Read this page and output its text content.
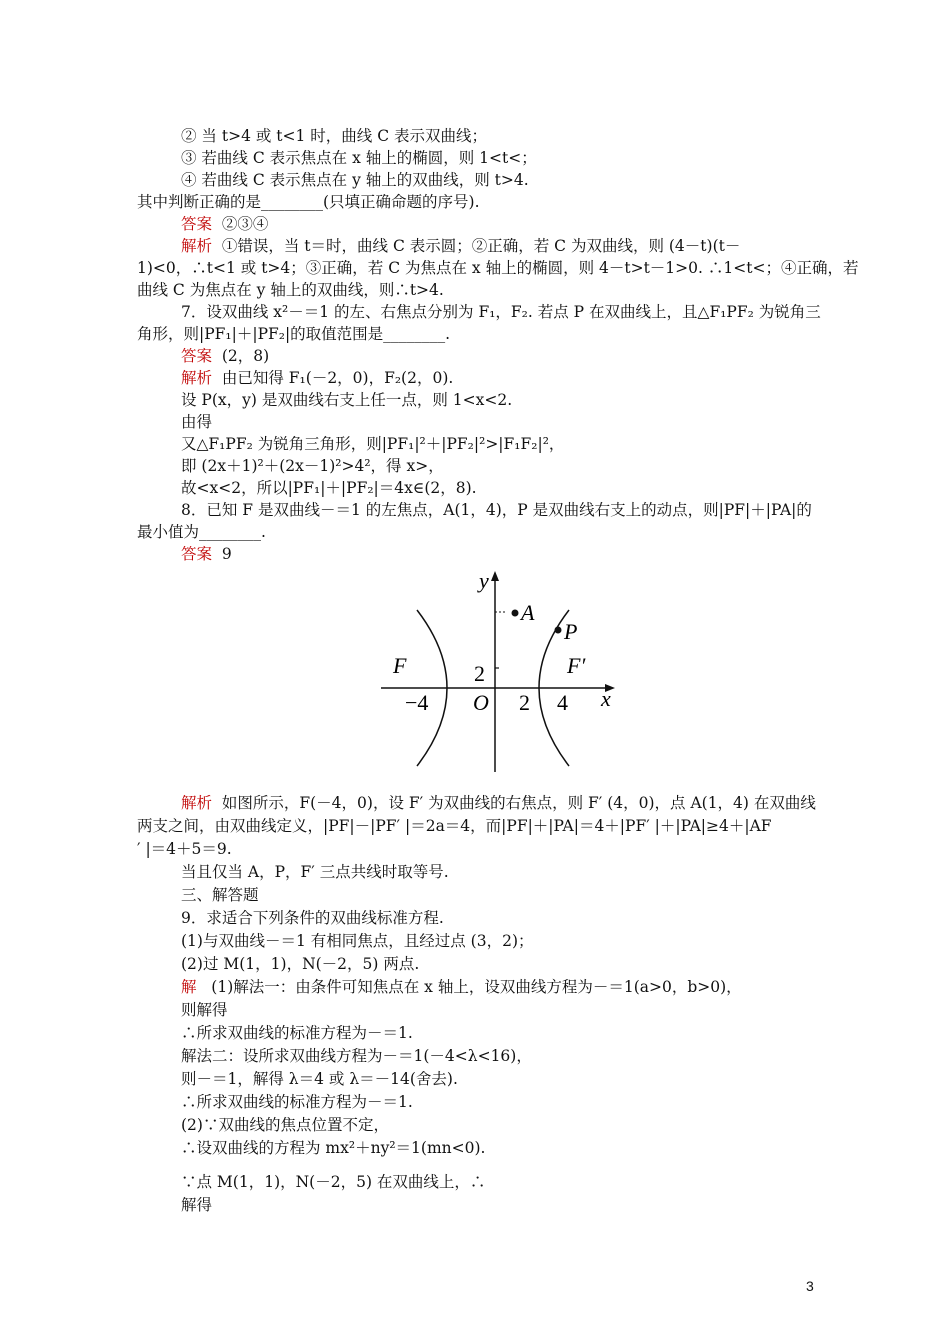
② 当 t>4 或 t<1 时，曲线 C 表示双曲线；
③ 若曲线 C 表示焦点在 x 轴上的椭圆，则 1<t<；
④ 若曲线 C 表示焦点在 y 轴上的双曲线，则 t>4.
其中判断正确的是________(只填正确命题的序号).
答案 ②③④
解析 ①错误，当 t＝时，曲线 C 表示圆；②正确，若 C 为双曲线，则 (4－t)(t－
1)<0，∴t<1 或 t>4；③正确，若 C 为焦点在 x 轴上的椭圆，则 4－t>t－1>0. ∴1<t<；④正确，若
曲线 C 为焦点在 y 轴上的双曲线，则∴t>4.
7．设双曲线 x²－＝1 的左、右焦点分别为 F₁，F₂. 若点 P 在双曲线上，且△F₁PF₂ 为锐角三
角形，则|PF₁|＋|PF₂|的取值范围是________.
答案 (2，8)
解析 由已知得 F₁(－2，0)，F₂(2，0).
设 P(x，y) 是双曲线右支上任一点，则 1<x<2.
由得
又△F₁PF₂ 为锐角三角形，则|PF₁|²＋|PF₂|²>|F₁F₂|²，
即 (2x＋1)²＋(2x－1)²>4²，得 x>，
故<x<2，所以|PF₁|＋|PF₂|＝4x∈(2，8).
8．已知 F 是双曲线－＝1 的左焦点，A(1，4)，P 是双曲线右支上的动点，则|PF|＋|PA|的
最小值为________.
答案 9
y
x
O
A
P
F	F′
2
−4	2 4
解析 如图所示，F(－4，0)，设 F′ 为双曲线的右焦点，则 F′ (4，0)，点 A(1，4) 在双曲线
两支之间，由双曲线定义，|PF|－|PF′ |＝2a＝4，而|PF|＋|PA|＝4＋|PF′ |＋|PA|≥4＋|AF
′ |＝4＋5＝9.
当且仅当 A，P，F′ 三点共线时取等号.
三、解答题
9．求适合下列条件的双曲线标准方程.
(1)与双曲线－＝1 有相同焦点，且经过点 (3，2)；
(2)过 M(1，1)，N(－2，5) 两点.
解 (1)解法一：由条件可知焦点在 x 轴上，设双曲线方程为－＝1(a>0，b>0)，
则解得
∴所求双曲线的标准方程为－＝1.
解法二：设所求双曲线方程为－＝1(－4<λ<16)，
则－＝1，解得 λ＝4 或 λ＝－14(舍去).
∴所求双曲线的标准方程为－＝1.
(2)∵双曲线的焦点位置不定，
∴设双曲线的方程为 mx²＋ny²＝1(mn<0).
∵点 M(1，1)，N(－2，5) 在双曲线上，∴
解得
3
